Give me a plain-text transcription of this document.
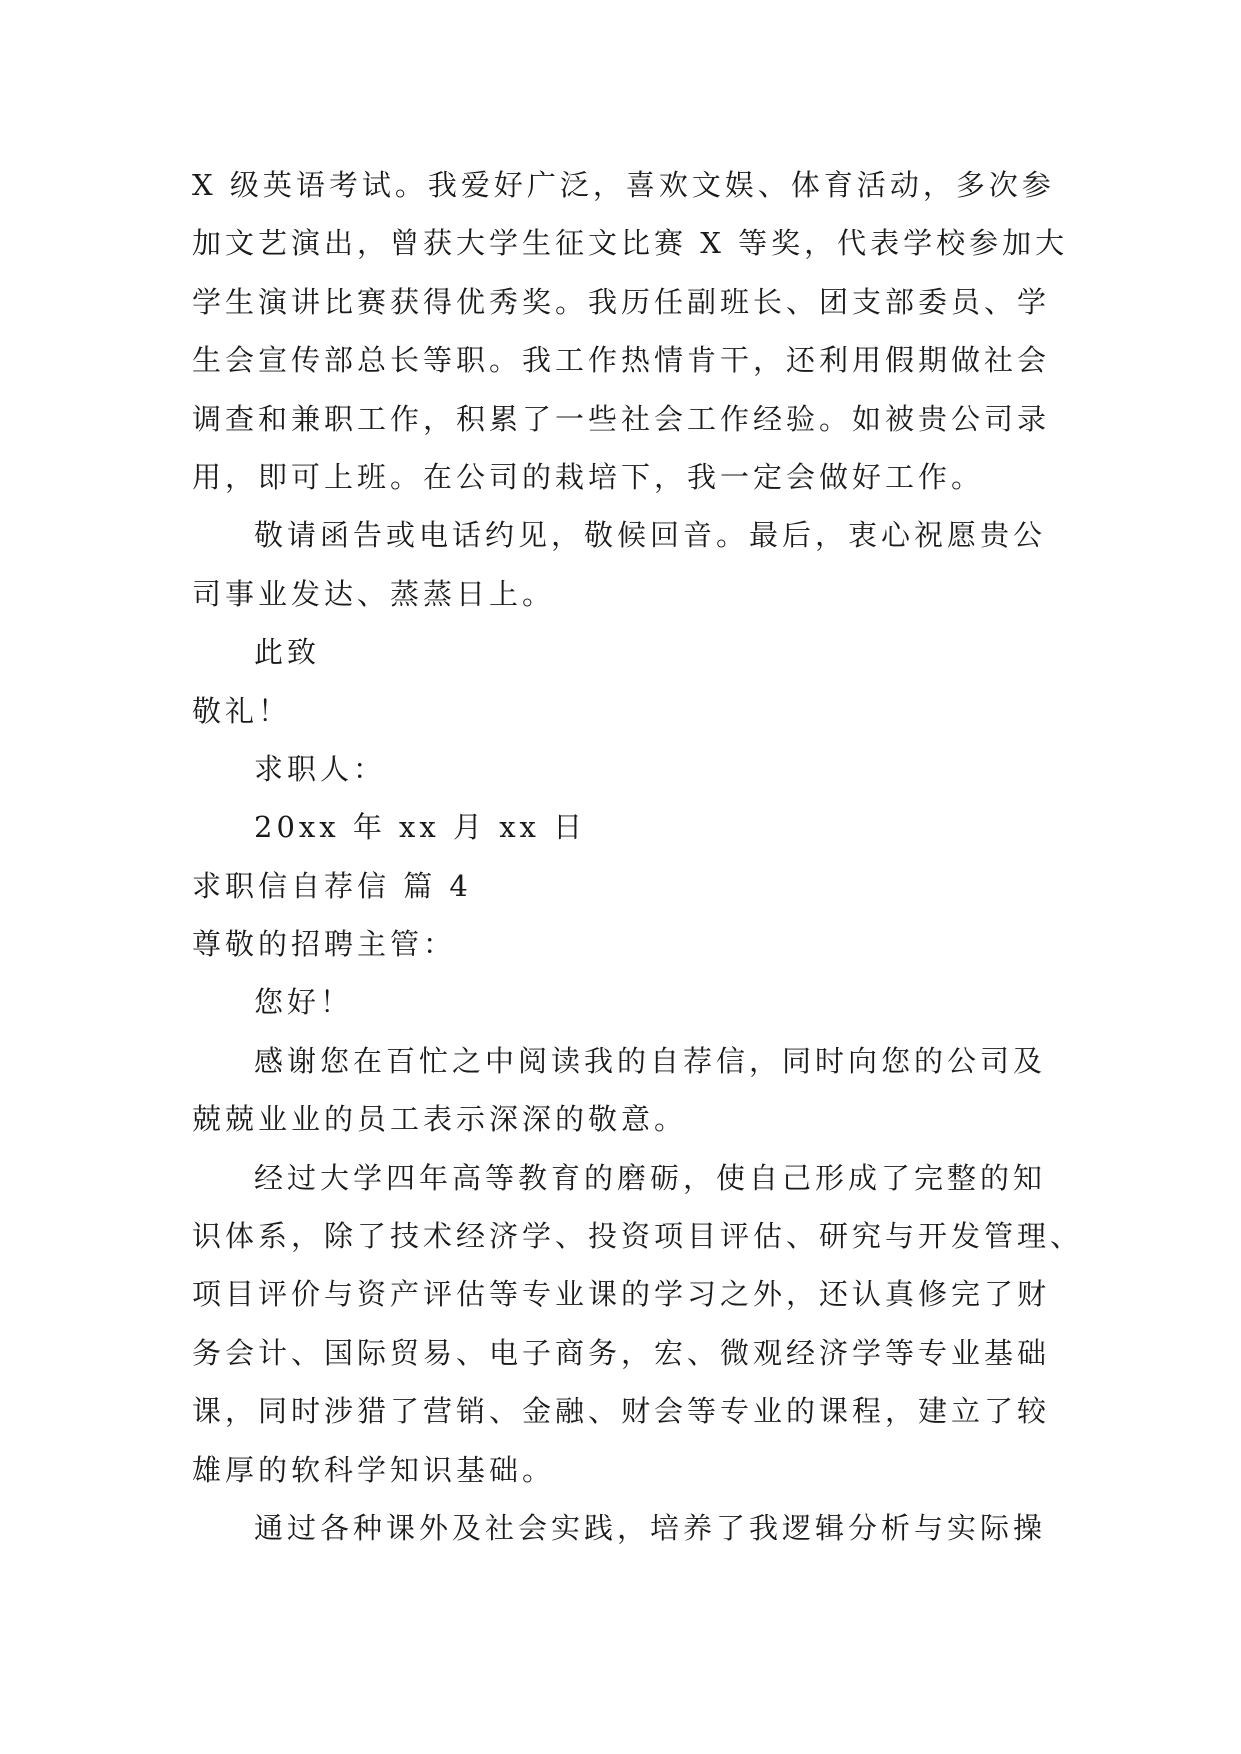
X 级英语考试。我爱好广泛，喜欢文娱、体育活动，多次参

加文艺演出，曾获大学生征文比赛 X 等奖，代表学校参加大

学生演讲比赛获得优秀奖。我历任副班长、团支部委员、学

生会宣传部总长等职。我工作热情肯干，还利用假期做社会

调查和兼职工作，积累了一些社会工作经验。如被贵公司录

用，即可上班。在公司的栽培下，我一定会做好工作。

敬请函告或电话约见，敬候回音。最后，衷心祝愿贵公

司事业发达、蒸蒸日上。

此致

敬礼！

求职人：

20xx 年 xx 月 xx 日

求职信自荐信 篇 4

尊敬的招聘主管：

您好！

感谢您在百忙之中阅读我的自荐信，同时向您的公司及

兢兢业业的员工表示深深的敬意。

经过大学四年高等教育的磨砺，使自己形成了完整的知

识体系，除了技术经济学、投资项目评估、研究与开发管理、

项目评价与资产评估等专业课的学习之外，还认真修完了财

务会计、国际贸易、电子商务，宏、微观经济学等专业基础

课，同时涉猎了营销、金融、财会等专业的课程，建立了较

雄厚的软科学知识基础。

通过各种课外及社会实践，培养了我逻辑分析与实际操
